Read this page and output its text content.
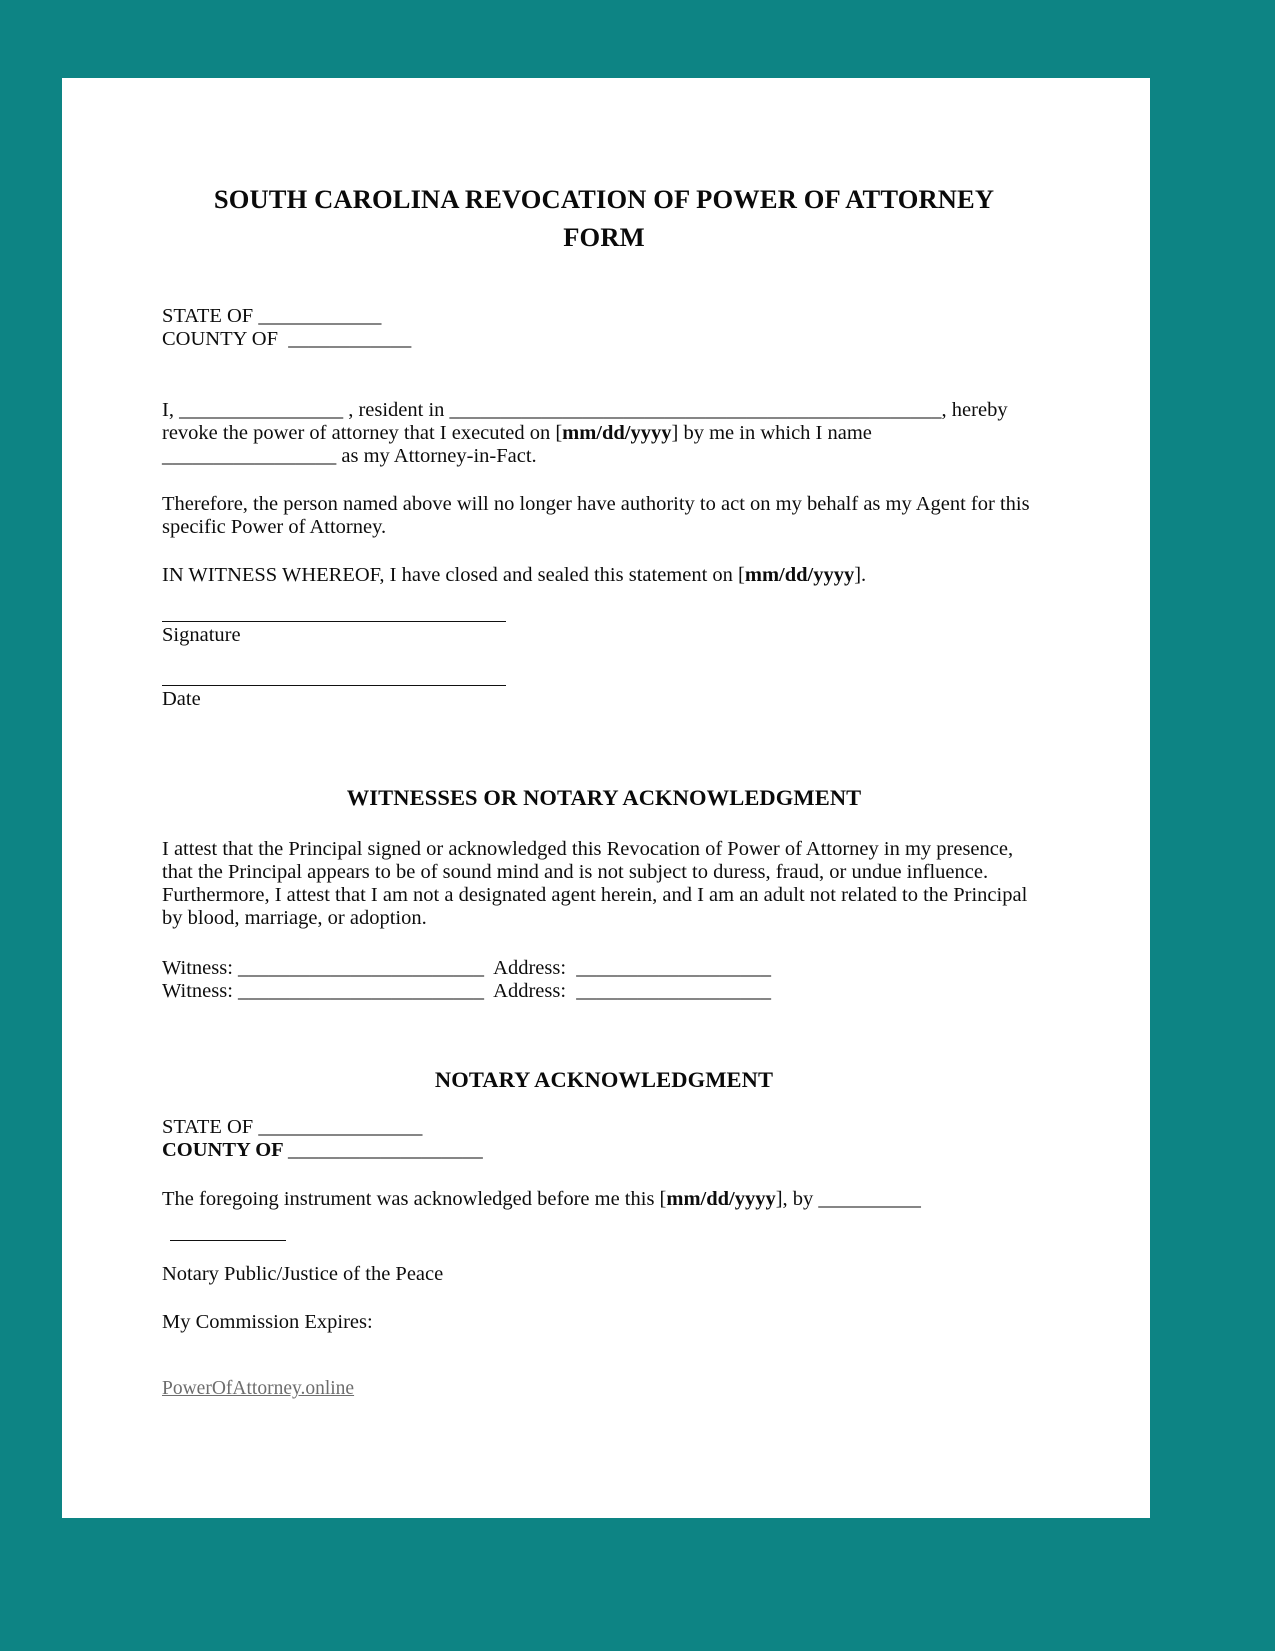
SOUTH CAROLINA REVOCATION OF POWER OF ATTORNEY FORM
STATE OF ____________
COUNTY OF  ____________
I, ________________ , resident in ________________________________________________, hereby
revoke the power of attorney that I executed on [mm/dd/yyyy] by me in which I name
_________________ as my Attorney-in-Fact.
Therefore, the person named above will no longer have authority to act on my behalf as my Agent for this specific Power of Attorney.
IN WITNESS WHEREOF, I have closed and sealed this statement on [mm/dd/yyyy].
Signature
Date
WITNESSES OR NOTARY ACKNOWLEDGMENT
I attest that the Principal signed or acknowledged this Revocation of Power of Attorney in my presence, that the Principal appears to be of sound mind and is not subject to duress, fraud, or undue influence. Furthermore, I attest that I am not a designated agent herein, and I am an adult not related to the Principal by blood, marriage, or adoption.
Witness: ________________________  Address:  ___________________
Witness: ________________________  Address:  ___________________
NOTARY ACKNOWLEDGMENT
STATE OF ________________
COUNTY OF ___________________
The foregoing instrument was acknowledged before me this [mm/dd/yyyy], by __________
Notary Public/Justice of the Peace
My Commission Expires:
PowerOfAttorney.online
